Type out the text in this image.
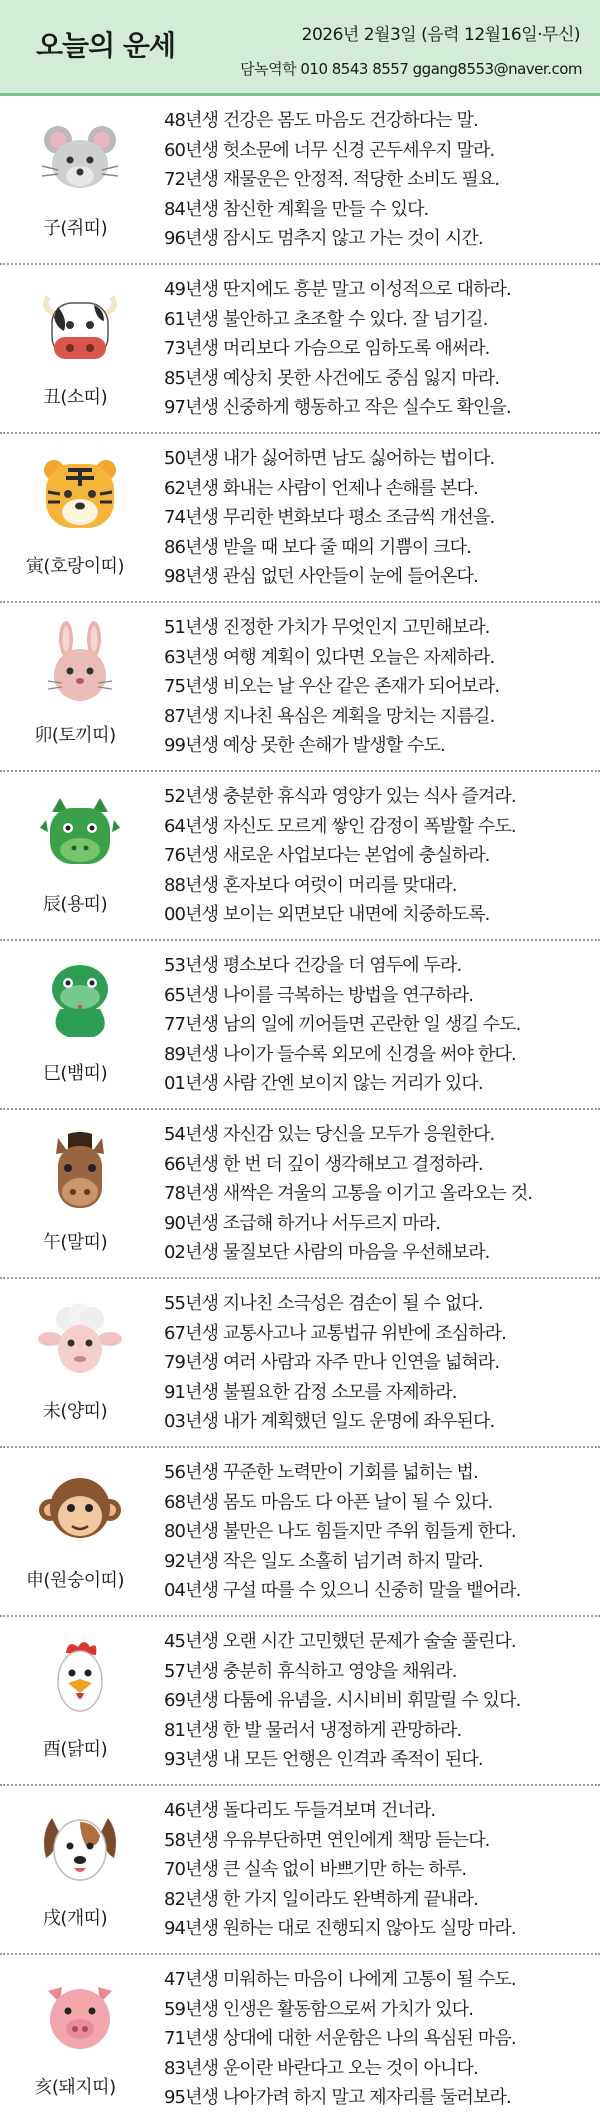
오늘의 운세	2026년 2월3일 (음력 12월16일·무신)
담녹역학 010 8543 8557 ggang8553@naver.com
子(쥐띠)
48년생 건강은 몸도 마음도 건강하다는 말.
60년생 헛소문에 너무 신경 곤두세우지 말라.
72년생 재물운은 안정적. 적당한 소비도 필요.
84년생 참신한 계획을 만들 수 있다.
96년생 잠시도 멈추지 않고 가는 것이 시간.
丑(소띠)
49년생 딴지에도 흥분 말고 이성적으로 대하라.
61년생 불안하고 초조할 수 있다. 잘 넘기길.
73년생 머리보다 가슴으로 임하도록 애써라.
85년생 예상치 못한 사건에도 중심 잃지 마라.
97년생 신중하게 행동하고 작은 실수도 확인을.
寅(호랑이띠)
50년생 내가 싫어하면 남도 싫어하는 법이다.
62년생 화내는 사람이 언제나 손해를 본다.
74년생 무리한 변화보다 평소 조금씩 개선을.
86년생 받을 때 보다 줄 때의 기쁨이 크다.
98년생 관심 없던 사안들이 눈에 들어온다.
卯(토끼띠)
51년생 진정한 가치가 무엇인지 고민해보라.
63년생 여행 계획이 있다면 오늘은 자제하라.
75년생 비오는 날 우산 같은 존재가 되어보라.
87년생 지나친 욕심은 계획을 망치는 지름길.
99년생 예상 못한 손해가 발생할 수도.
辰(용띠)
52년생 충분한 휴식과 영양가 있는 식사 즐겨라.
64년생 자신도 모르게 쌓인 감정이 폭발할 수도.
76년생 새로운 사업보다는 본업에 충실하라.
88년생 혼자보다 여럿이 머리를 맞대라.
00년생 보이는 외면보단 내면에 치중하도록.
巳(뱀띠)
53년생 평소보다 건강을 더 염두에 두라.
65년생 나이를 극복하는 방법을 연구하라.
77년생 남의 일에 끼어들면 곤란한 일 생길 수도.
89년생 나이가 들수록 외모에 신경을 써야 한다.
01년생 사람 간엔 보이지 않는 거리가 있다.
午(말띠)
54년생 자신감 있는 당신을 모두가 응원한다.
66년생 한 번 더 깊이 생각해보고 결정하라.
78년생 새싹은 겨울의 고통을 이기고 올라오는 것.
90년생 조급해 하거나 서두르지 마라.
02년생 물질보단 사람의 마음을 우선해보라.
未(양띠)
55년생 지나친 소극성은 겸손이 될 수 없다.
67년생 교통사고나 교통법규 위반에 조심하라.
79년생 여러 사람과 자주 만나 인연을 넓혀라.
91년생 불필요한 감정 소모를 자제하라.
03년생 내가 계획했던 일도 운명에 좌우된다.
申(원숭이띠)
56년생 꾸준한 노력만이 기회를 넓히는 법.
68년생 몸도 마음도 다 아픈 날이 될 수 있다.
80년생 불만은 나도 힘들지만 주위 힘들게 한다.
92년생 작은 일도 소홀히 넘기려 하지 말라.
04년생 구설 따를 수 있으니 신중히 말을 뱉어라.
酉(닭띠)
45년생 오랜 시간 고민했던 문제가 술술 풀린다.
57년생 충분히 휴식하고 영양을 채워라.
69년생 다툼에 유념을. 시시비비 휘말릴 수 있다.
81년생 한 발 물러서 냉정하게 관망하라.
93년생 내 모든 언행은 인격과 족적이 된다.
戌(개띠)
46년생 돌다리도 두들겨보며 건너라.
58년생 우유부단하면 연인에게 책망 듣는다.
70년생 큰 실속 없이 바쁘기만 하는 하루.
82년생 한 가지 일이라도 완벽하게 끝내라.
94년생 원하는 대로 진행되지 않아도 실망 마라.
亥(돼지띠)
47년생 미워하는 마음이 나에게 고통이 될 수도.
59년생 인생은 활동함으로써 가치가 있다.
71년생 상대에 대한 서운함은 나의 욕심된 마음.
83년생 운이란 바란다고 오는 것이 아니다.
95년생 나아가려 하지 말고 제자리를 둘러보라.
